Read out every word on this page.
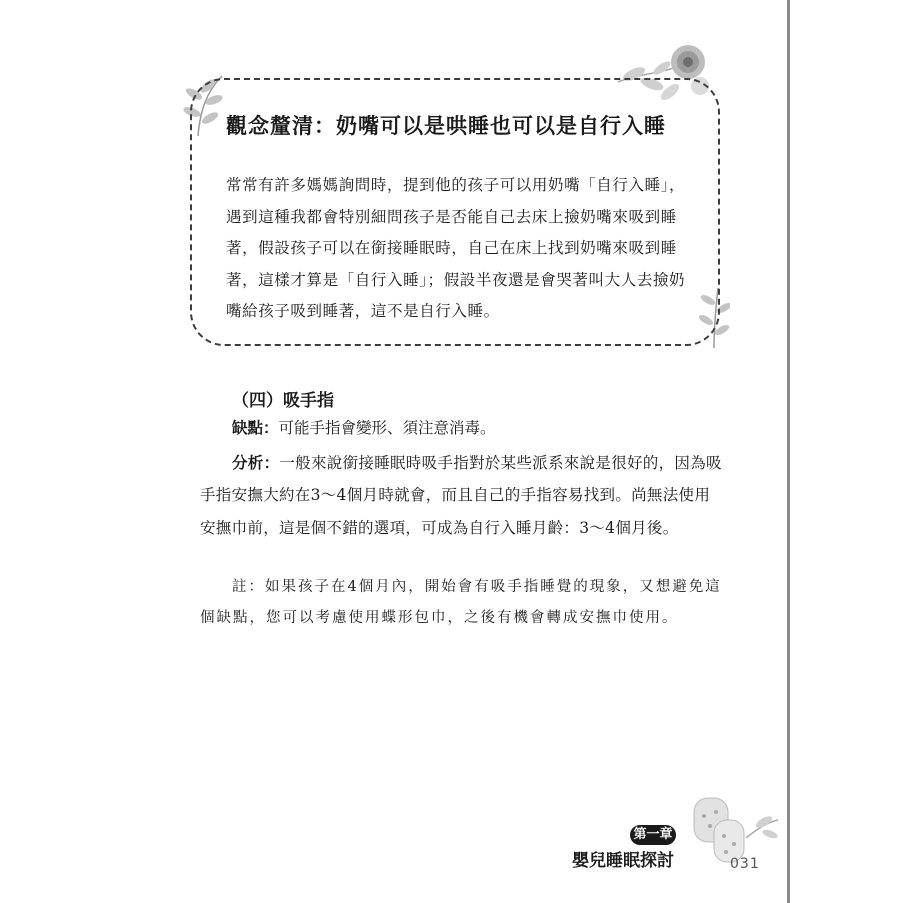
觀念釐清：奶嘴可以是哄睡也可以是自行入睡
常常有許多媽媽詢問時，提到他的孩子可以用奶嘴「自行入睡」，遇到這種我都會特別細問孩子是否能自己去床上撿奶嘴來吸到睡著，假設孩子可以在銜接睡眠時，自己在床上找到奶嘴來吸到睡著，這樣才算是「自行入睡」；假設半夜還是會哭著叫大人去撿奶嘴給孩子吸到睡著，這不是自行入睡。
（四）吸手指
缺點：可能手指會變形、須注意消毒。
分析：一般來說銜接睡眠時吸手指對於某些派系來說是很好的，因為吸手指安撫大約在3～4個月時就會，而且自己的手指容易找到。尚無法使用安撫巾前，這是個不錯的選項，可成為自行入睡月齡：3～4個月後。
註：如果孩子在4個月內，開始會有吸手指睡覺的現象，又想避免這個缺點，您可以考慮使用蝶形包巾，之後有機會轉成安撫巾使用。
第一章
嬰兒睡眠探討	031
